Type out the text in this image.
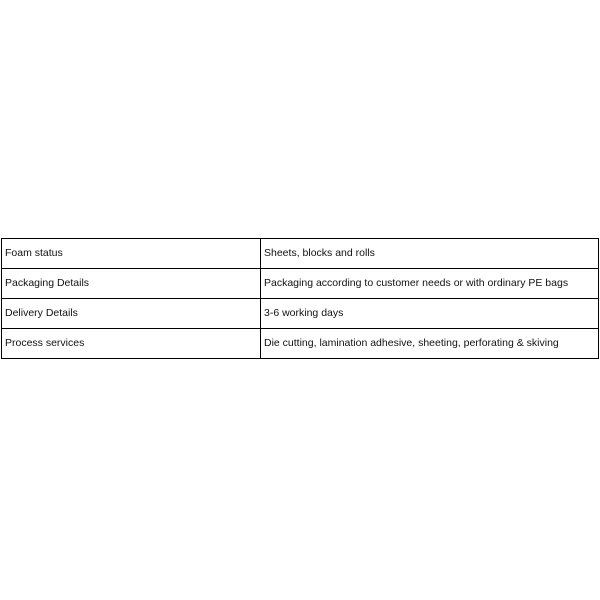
Foam status	Sheets, blocks and rolls
Packaging Details	Packaging according to customer needs or with ordinary PE bags
Delivery Details	3-6 working days
Process services	Die cutting, lamination adhesive, sheeting, perforating & skiving
